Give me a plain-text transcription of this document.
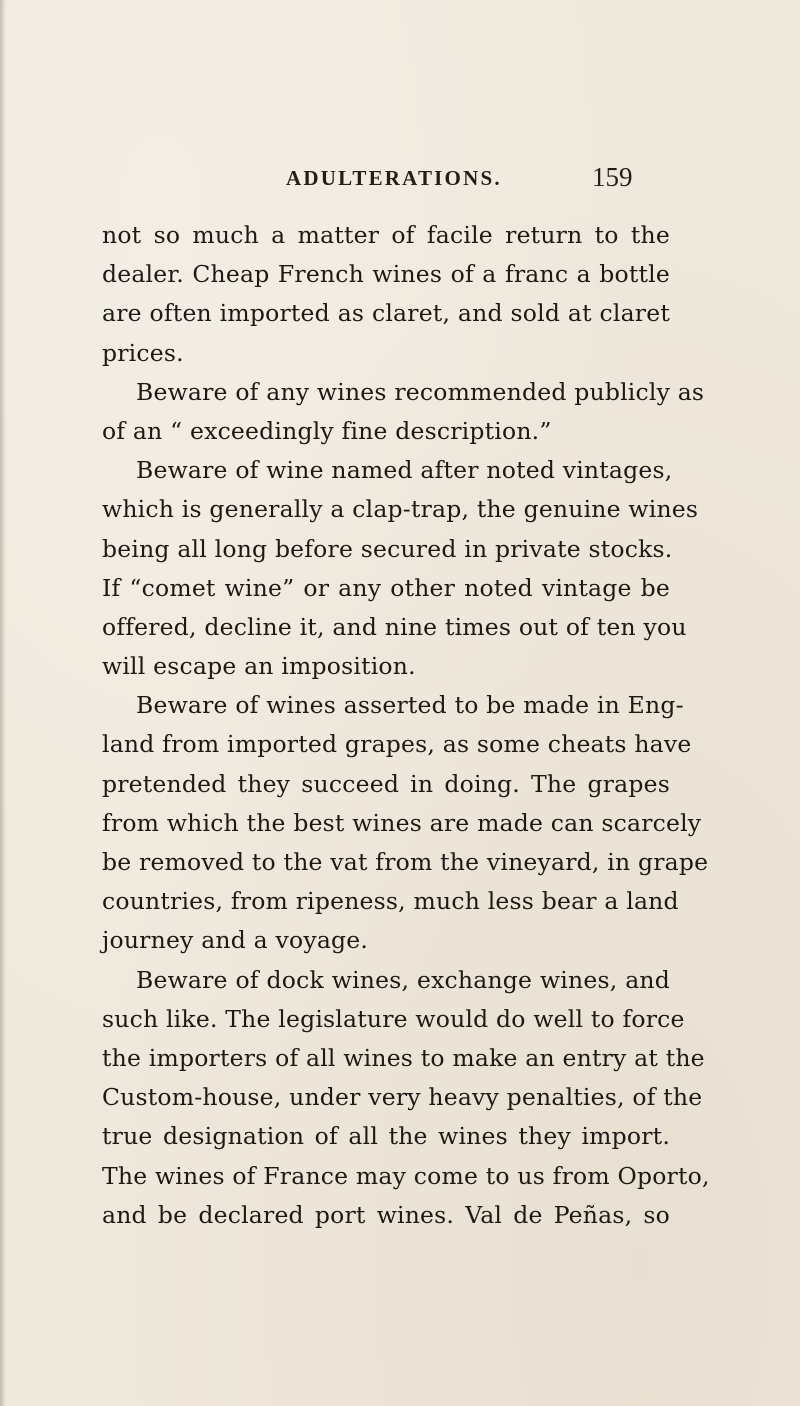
ADULTERATIONS.	159
not so much a matter of facile return to the
dealer. Cheap French wines of a franc a bottle
are often imported as claret, and sold at claret
prices.
Beware of any wines recommended publicly as
of an “ exceedingly fine description.”
Beware of wine named after noted vintages,
which is generally a clap-trap, the genuine wines
being all long before secured in private stocks.
If “comet wine” or any other noted vintage be
offered, decline it, and nine times out of ten you
will escape an imposition.
Beware of wines asserted to be made in Eng-
land from imported grapes, as some cheats have
pretended they succeed in doing. The grapes
from which the best wines are made can scarcely
be removed to the vat from the vineyard, in grape
countries, from ripeness, much less bear a land
journey and a voyage.
Beware of dock wines, exchange wines, and
such like. The legislature would do well to force
the importers of all wines to make an entry at the
Custom-house, under very heavy penalties, of the
true designation of all the wines they import.
The wines of France may come to us from Oporto,
and be declared port wines. Val de Peñas, so
